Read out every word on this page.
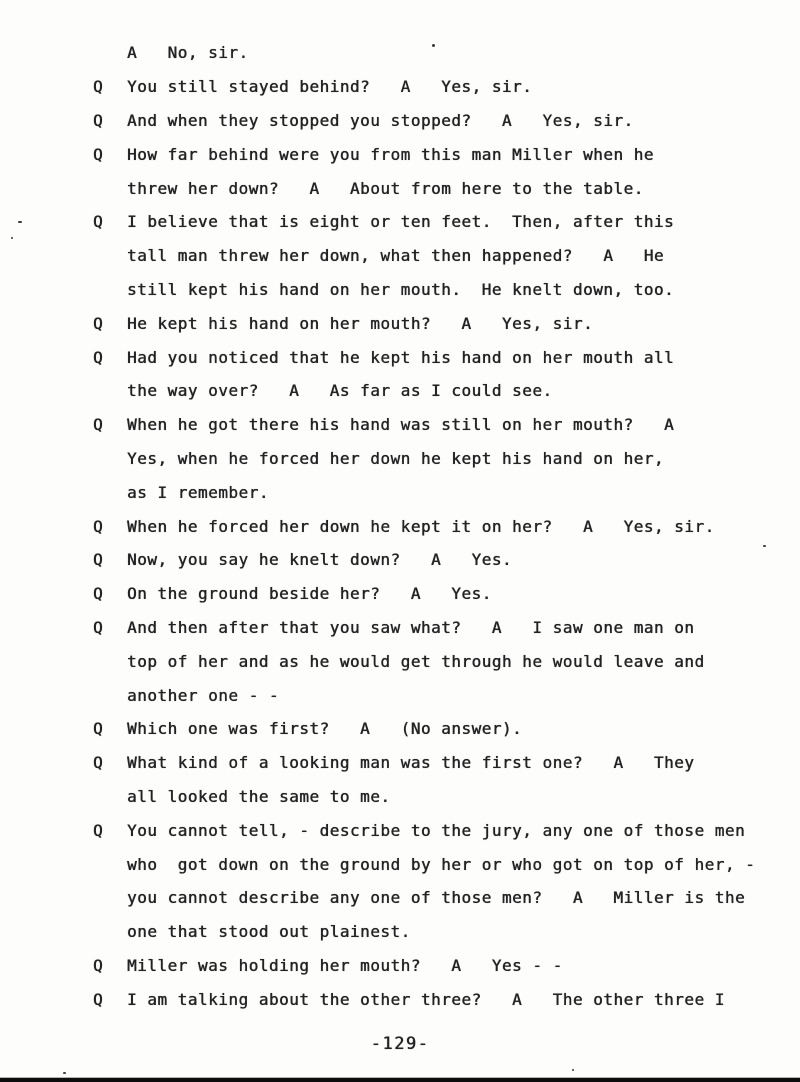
A   No, sir.
Q	You still stayed behind?   A   Yes, sir.
Q	And when they stopped you stopped?   A   Yes, sir.
Q	How far behind were you from this man Miller when he
threw her down?   A   About from here to the table.
Q	I believe that is eight or ten feet.  Then, after this
tall man threw her down, what then happened?   A   He
still kept his hand on her mouth.  He knelt down, too.
Q	He kept his hand on her mouth?   A   Yes, sir.
Q	Had you noticed that he kept his hand on her mouth all
the way over?   A   As far as I could see.
Q	When he got there his hand was still on her mouth?   A
Yes, when he forced her down he kept his hand on her,
as I remember.
Q	When he forced her down he kept it on her?   A   Yes, sir.
Q	Now, you say he knelt down?   A   Yes.
Q	On the ground beside her?   A   Yes.
Q	And then after that you saw what?   A   I saw one man on
top of her and as he would get through he would leave and
another one - -
Q	Which one was first?   A   (No answer).
Q	What kind of a looking man was the first one?   A   They
all looked the same to me.
Q	You cannot tell, - describe to the jury, any one of those men
who  got down on the ground by her or who got on top of her, -
you cannot describe any one of those men?   A   Miller is the
one that stood out plainest.
Q	Miller was holding her mouth?   A   Yes - -
Q	I am talking about the other three?   A   The other three I
-129-
